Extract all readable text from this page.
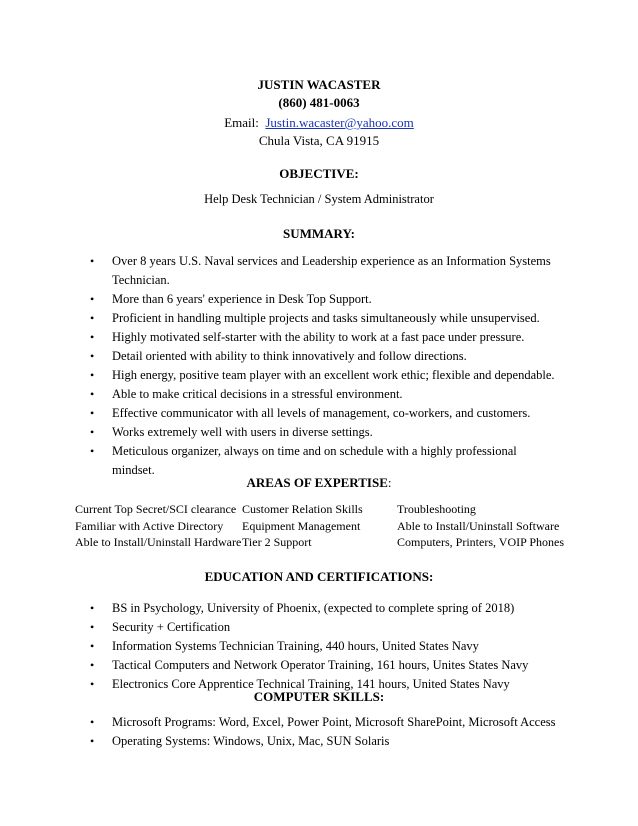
JUSTIN WACASTER
(860) 481-0063
Email: Justin.wacaster@yahoo.com
Chula Vista, CA 91915
OBJECTIVE:
Help Desk Technician / System Administrator
SUMMARY:
• Over 8 years U.S. Naval services and Leadership experience as an Information Systems Technician.
• More than 6 years' experience in Desk Top Support.
• Proficient in handling multiple projects and tasks simultaneously while unsupervised.
• Highly motivated self-starter with the ability to work at a fast pace under pressure.
• Detail oriented with ability to think innovatively and follow directions.
• High energy, positive team player with an excellent work ethic; flexible and dependable.
• Able to make critical decisions in a stressful environment.
• Effective communicator with all levels of management, co-workers, and customers.
• Works extremely well with users in diverse settings.
• Meticulous organizer, always on time and on schedule with a highly professional mindset.
AREAS OF EXPERTISE:
Current Top Secret/SCI clearance	Customer Relation Skills	Troubleshooting
Familiar with Active Directory	Equipment Management	Able to Install/Uninstall Software
Able to Install/Uninstall Hardware	Tier 2 Support	Computers, Printers, VOIP Phones
EDUCATION AND CERTIFICATIONS:
• BS in Psychology, University of Phoenix, (expected to complete spring of 2018)
• Security + Certification
• Information Systems Technician Training, 440 hours, United States Navy
• Tactical Computers and Network Operator Training, 161 hours, Unites States Navy
• Electronics Core Apprentice Technical Training, 141 hours, United States Navy
COMPUTER SKILLS:
• Microsoft Programs: Word, Excel, Power Point, Microsoft SharePoint, Microsoft Access
• Operating Systems: Windows, Unix, Mac, SUN Solaris
